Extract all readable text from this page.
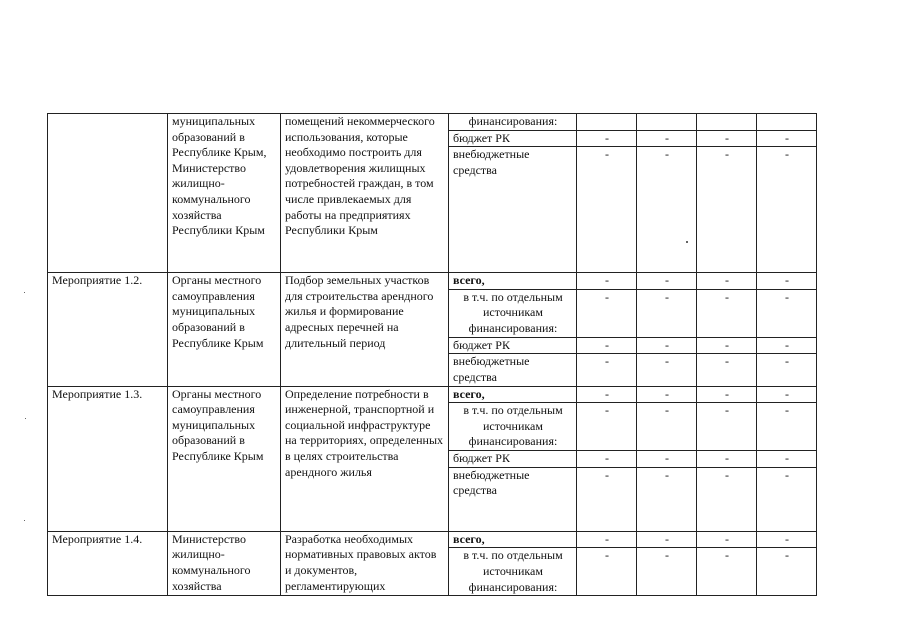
	муниципальных образований в Республике Крым, Министерство жилищно-коммунального хозяйства Республики Крым	помещений некоммерческого использования, которые необходимо построить для удовлетворения жилищных потребностей граждан, в том числе привлекаемых для работы на предприятиях Республики Крым	финансирования:				

			бюджет РК	-	-	-	-
			внебюджетные средства	-	-	-	-
Мероприятие 1.2.	Органы местного самоуправления муниципальных образований в Республике Крым	Подбор земельных участков для строительства арендного жилья и формирование адресных перечней на длительный период	всего,	-	-	-	-

			в т.ч. по отдельным источникам финансирования:	-	-	-	-
			бюджет РК	-	-	-	-
			внебюджетные средства	-	-	-	-
Мероприятие 1.3.	Органы местного самоуправления муниципальных образований в Республике Крым	Определение потребности в инженерной, транспортной и социальной инфраструктуре на территориях, определенных в целях строительства арендного жилья	всего,	-	-	-	-

			в т.ч. по отдельным источникам финансирования:	-	-	-	-
			бюджет РК	-	-	-	-
			внебюджетные средства	-	-	-	-
Мероприятие 1.4.	Министерство жилищно-коммунального хозяйства	Разработка необходимых нормативных правовых актов и документов, регламентирующих	всего,	-	-	-	-

			в т.ч. по отдельным источникам финансирования:	-	-	-	-
